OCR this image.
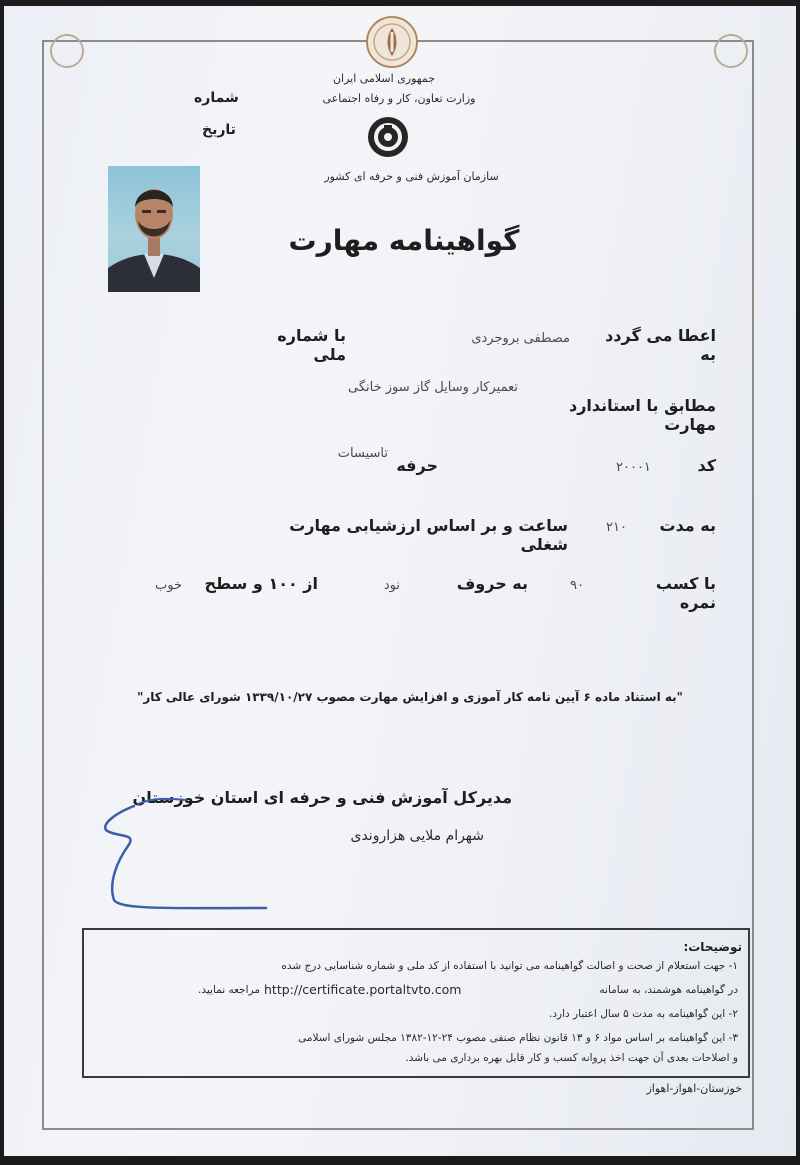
جمهوری اسلامی ایران
وزارت تعاون، کار و رفاه اجتماعی
شماره
تاریخ
سازمان آموزش فنی و حرفه ای کشور
گواهینامه مهارت
اعطا می گردد به
مصطفی بروجردی
با شماره ملی
تعمیرکار وسایل گاز سوز خانگی
مطابق با استاندارد مهارت
کد
۲۰۰۰۱
حرفه
تاسیسات
به مدت
۲۱۰
ساعت و بر اساس ارزشیابی مهارت شغلی
با کسب نمره
۹۰
به حروف
نود
از ۱۰۰ و سطح
خوب
"به استناد ماده ۶ آیین نامه کار آموزی و افزایش مهارت مصوب ۱۳۳۹/۱۰/۲۷ شورای عالی کار"
مدیرکل آموزش فنی و حرفه ای استان خوزستان
شهرام ملایی هزاروندی
توضیحات:
۱- جهت استعلام از صحت و اصالت گواهینامه می توانید با استفاده از کد ملی و شماره شناسایی درج شده
در گواهینامه هوشمند، به سامانه
http://certificate.portaltvto.com
مراجعه نمایید.
۲- این گواهینامه به مدت ۵ سال اعتبار دارد.
۳- این گواهینامه بر اساس مواد ۶ و ۱۳ قانون نظام صنفی مصوب ۲۴-۱۲-۱۳۸۲ مجلس شورای اسلامی
و اصلاحات بعدی آن جهت اخذ پروانه کسب و کار قابل بهره برداری می باشد.
خوزستان-اهواز-اهواز
